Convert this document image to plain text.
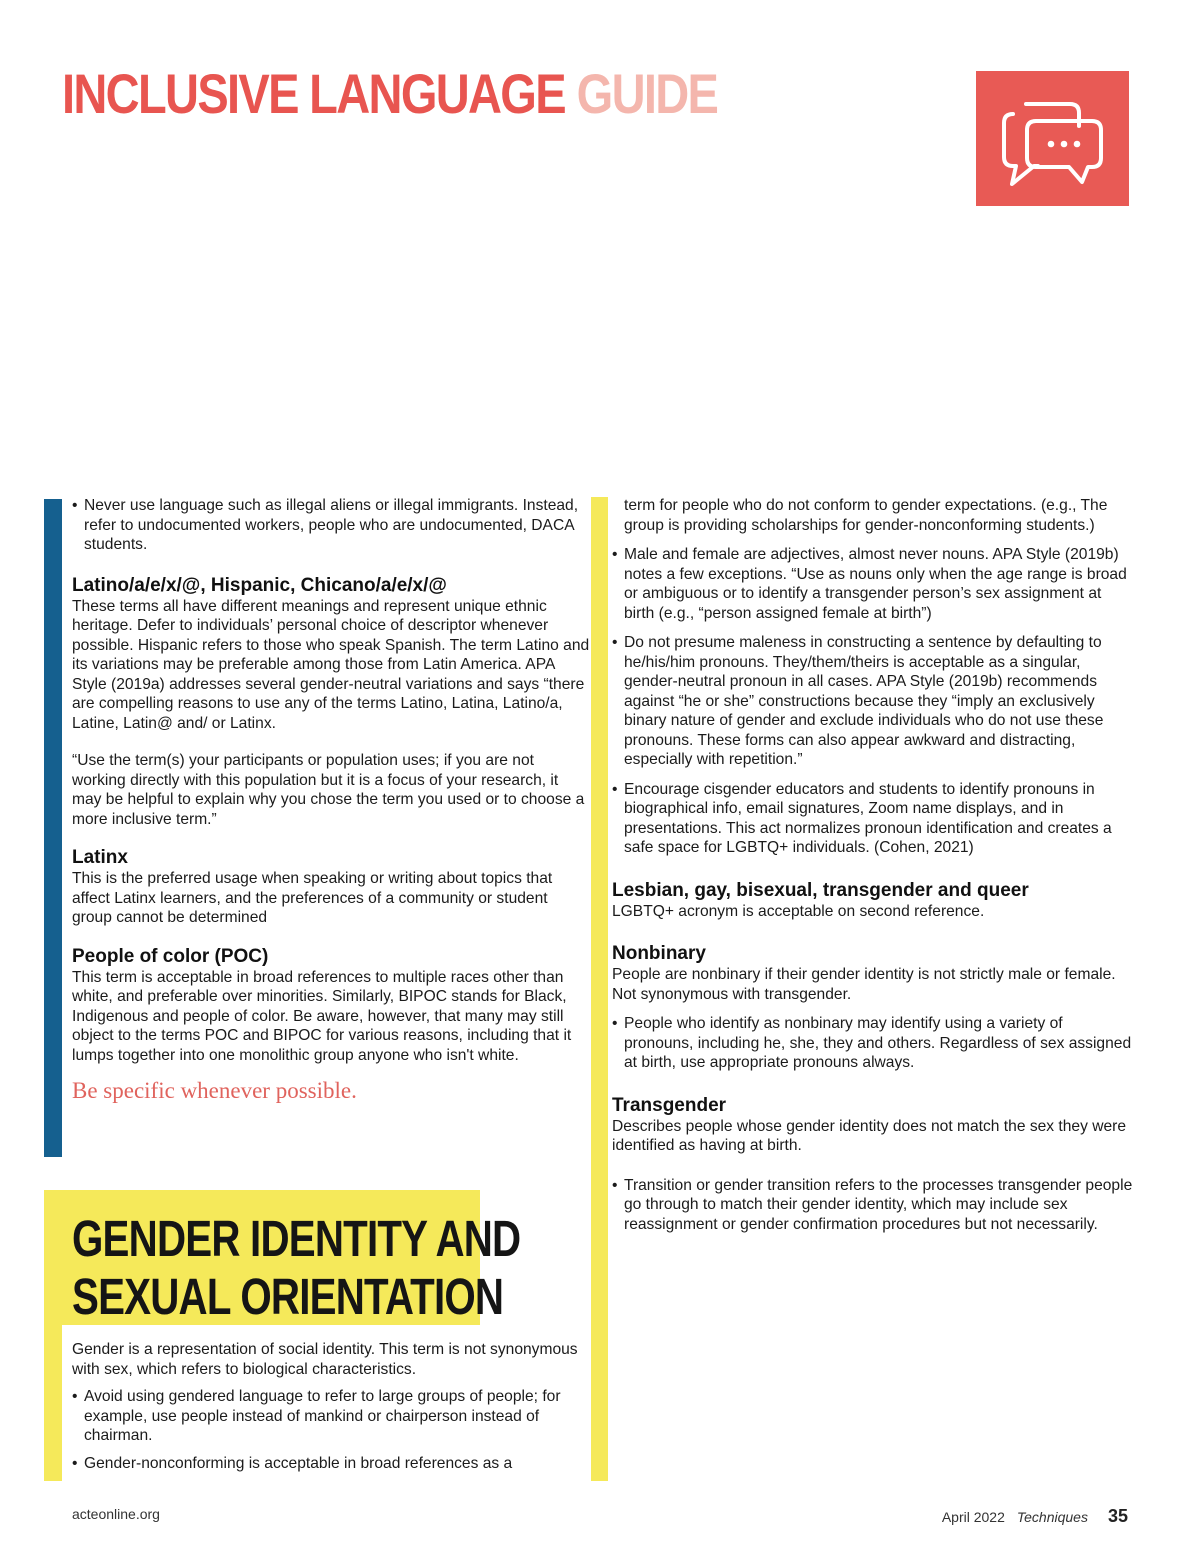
INCLUSIVE LANGUAGE GUIDE

• Never use language such as illegal aliens or illegal immigrants. Instead, refer to undocumented workers, people who are undocumented, DACA students.

Latino/a/e/x/@, Hispanic, Chicano/a/e/x/@

These terms all have different meanings and represent unique ethnic heritage. Defer to individuals’ personal choice of descriptor whenever possible. Hispanic refers to those who speak Spanish. The term Latino and its variations may be preferable among those from Latin America. APA Style (2019a) addresses several gender-neutral variations and says “there are compelling reasons to use any of the terms Latino, Latina, Latino/a, Latine, Latin@ and/ or Latinx.

“Use the term(s) your participants or population uses; if you are not working directly with this population but it is a focus of your research, it may be helpful to explain why you chose the term you used or to choose a more inclusive term.”

Latinx

This is the preferred usage when speaking or writing about topics that affect Latinx learners, and the preferences of a community or student group cannot be determined

People of color (POC)

This term is acceptable in broad references to multiple races other than white, and preferable over minorities. Similarly, BIPOC stands for Black, Indigenous and people of color. Be aware, however, that many may still object to the terms POC and BIPOC for various reasons, including that it lumps together into one monolithic group anyone who isn't white.

Be specific whenever possible.

GENDER IDENTITY AND
SEXUAL ORIENTATION

Gender is a representation of social identity. This term is not synonymous with sex, which refers to biological characteristics.

• Avoid using gendered language to refer to large groups of people; for example, use people instead of mankind or chairperson instead of chairman.

• Gender-nonconforming is acceptable in broad references as a

term for people who do not conform to gender expectations. (e.g., The group is providing scholarships for gender-nonconforming students.)

• Male and female are adjectives, almost never nouns. APA Style (2019b) notes a few exceptions. “Use as nouns only when the age range is broad or ambiguous or to identify a transgender person’s sex assignment at birth (e.g., “person assigned female at birth”)

• Do not presume maleness in constructing a sentence by defaulting to he/his/him pronouns. They/them/theirs is acceptable as a singular, gender-neutral pronoun in all cases. APA Style (2019b) recommends against “he or she” constructions because they “imply an exclusively binary nature of gender and exclude individuals who do not use these pronouns. These forms can also appear awkward and distracting, especially with repetition.”

• Encourage cisgender educators and students to identify pronouns in biographical info, email signatures, Zoom name displays, and in presentations. This act normalizes pronoun identification and creates a safe space for LGBTQ+ individuals. (Cohen, 2021)

Lesbian, gay, bisexual, transgender and queer

LGBTQ+ acronym is acceptable on second reference.

Nonbinary

People are nonbinary if their gender identity is not strictly male or female. Not synonymous with transgender.

• People who identify as nonbinary may identify using a variety of pronouns, including he, she, they and others. Regardless of sex assigned at birth, use appropriate pronouns always.

Transgender

Describes people whose gender identity does not match the sex they were identified as having at birth.

• Transition or gender transition refers to the processes transgender people go through to match their gender identity, which may include sex reassignment or gender confirmation procedures but not necessarily.

acteonline.org	April 2022 Techniques 35
